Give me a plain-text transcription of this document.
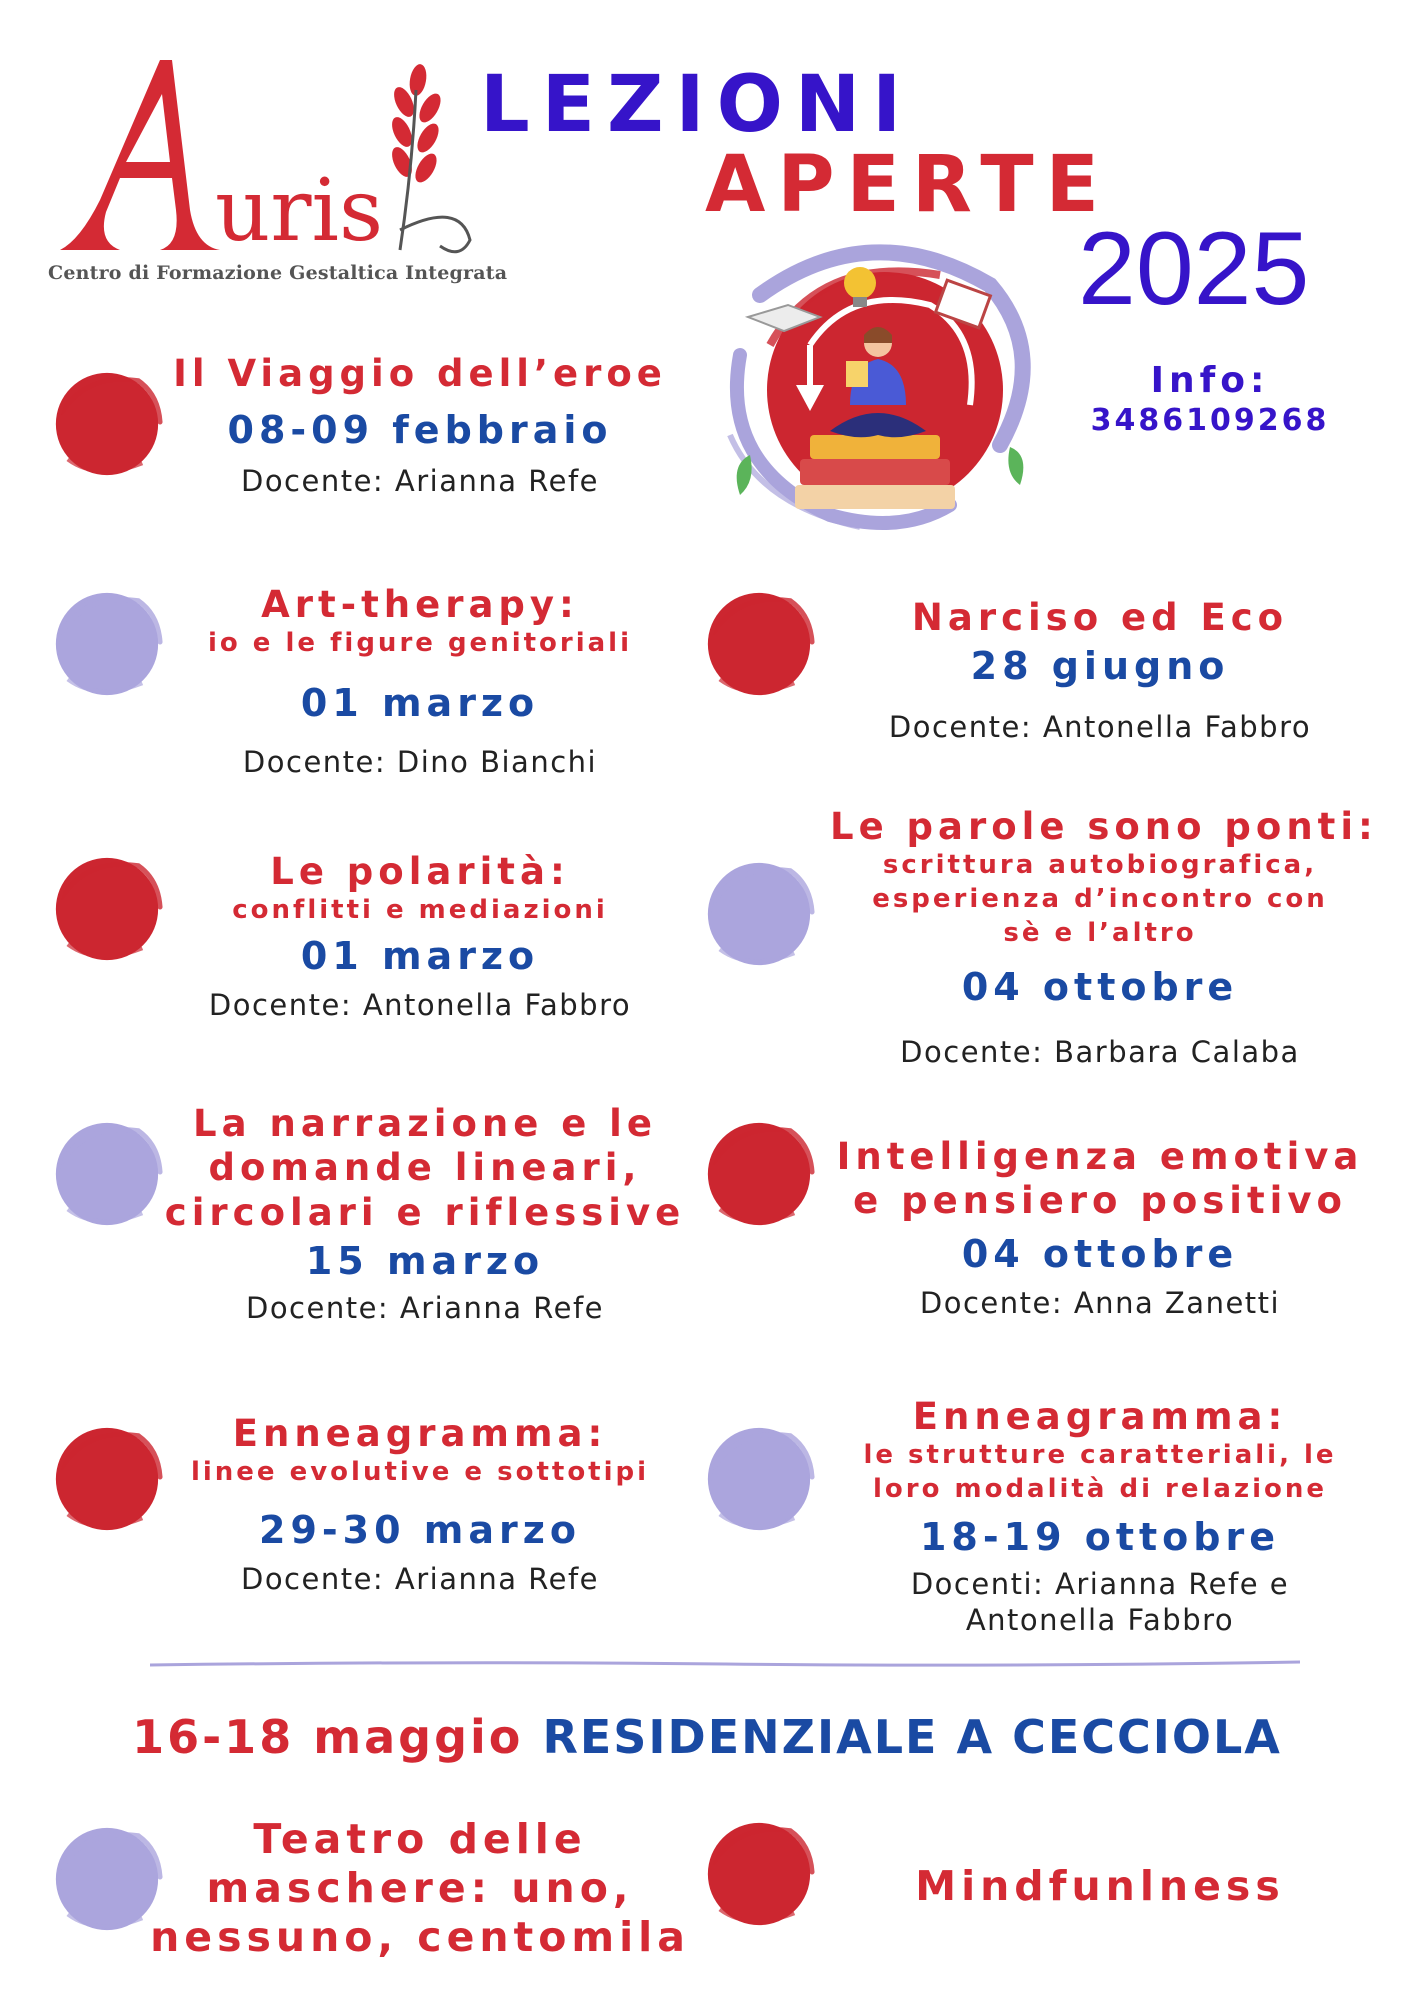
uris
Centro di Formazione Gestaltica Integrata
LEZIONI
APERTE
2025
Info:
3486109268
Il Viaggio dell’eroe
08-09 febbraio
Docente: Arianna Refe
Art-therapy:
io e le figure genitoriali
01 marzo
Docente: Dino Bianchi
Narciso ed Eco
28 giugno
Docente: Antonella Fabbro
Le polarità:
conflitti e mediazioni
01 marzo
Docente: Antonella Fabbro
Le parole sono ponti:
scrittura autobiografica,
esperienza d’incontro con
sè e l’altro
04 ottobre
Docente: Barbara Calaba
La narrazione e le
domande lineari,
circolari e riflessive
15 marzo
Docente: Arianna Refe
Intelligenza emotiva
e pensiero positivo
04 ottobre
Docente: Anna Zanetti
Enneagramma:
linee evolutive e sottotipi
29-30 marzo
Docente: Arianna Refe
Enneagramma:
le strutture caratteriali, le
loro modalità di relazione
18-19 ottobre
Docenti: Arianna Refe e
Antonella Fabbro
16-18 maggio RESIDENZIALE A CECCIOLA
Teatro delle
maschere: uno,
nessuno, centomila
Mindfunlness
